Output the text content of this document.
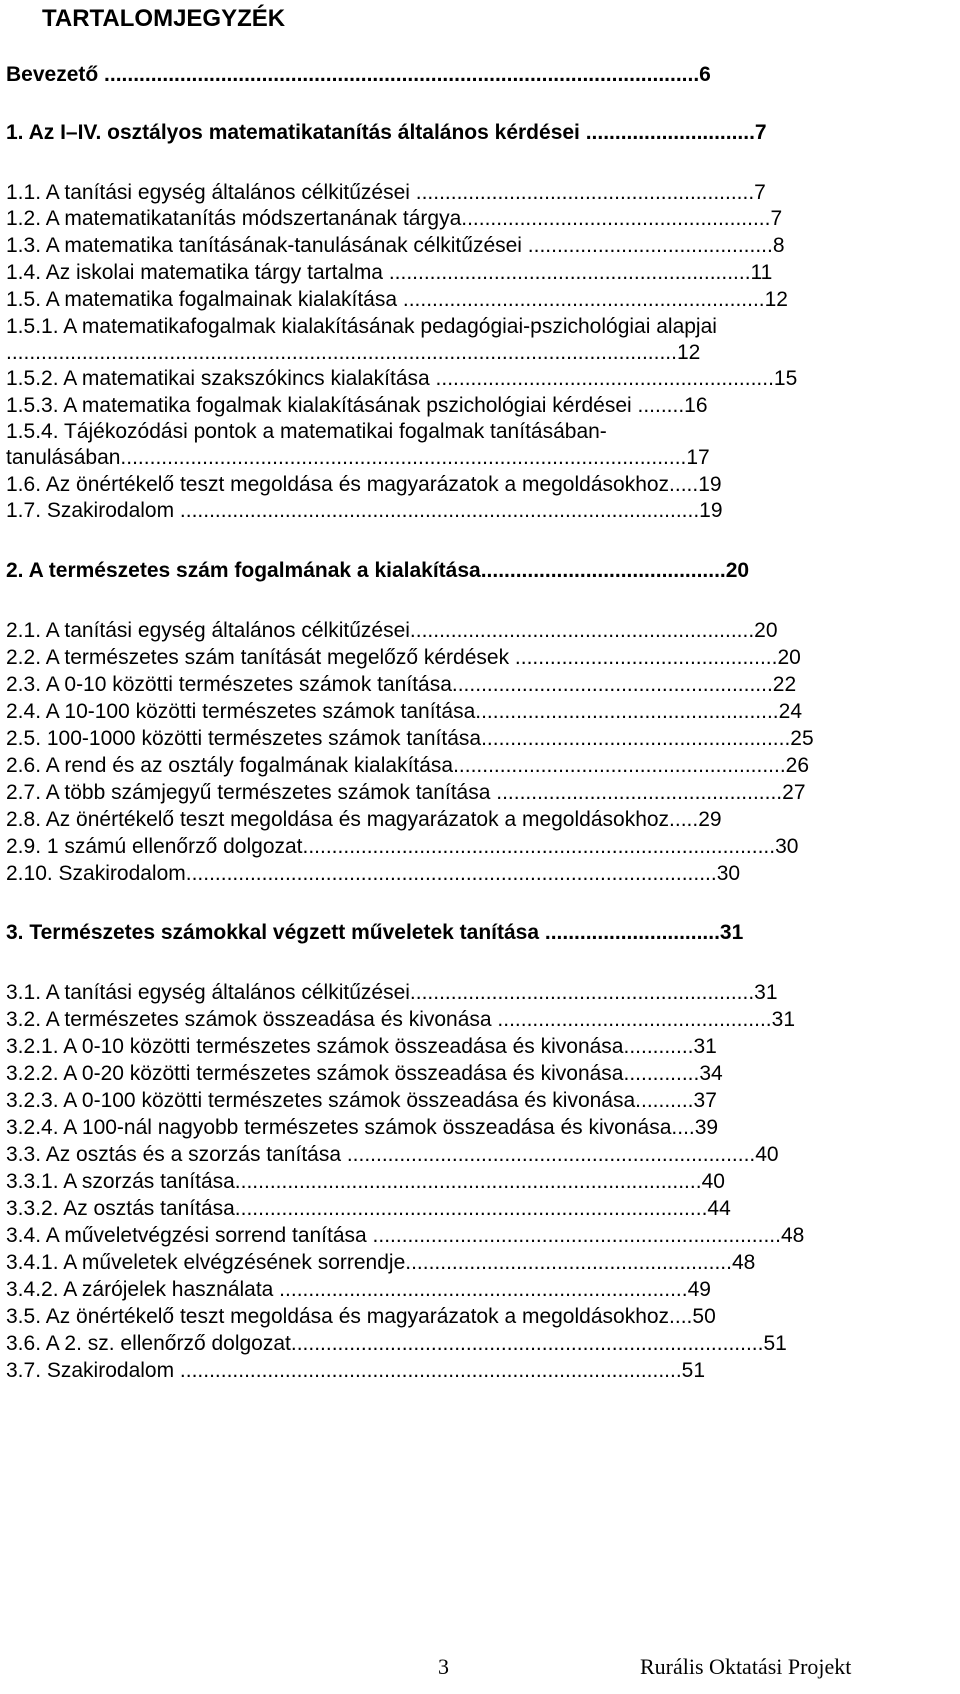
TARTALOMJEGYZÉK
Bevezető ......................................................................................................6
1. Az I–IV. osztályos matematikatanítás általános kérdései .............................7
1.1. A tanítási egység általános célkitűzései ..........................................................7
1.2. A matematikatanítás módszertanának tárgya.....................................................7
1.3. A matematika tanításának-tanulásának célkitűzései ..........................................8
1.4. Az iskolai matematika tárgy tartalma ..............................................................11
1.5. A matematika fogalmainak kialakítása ..............................................................12
1.5.1. A matematikafogalmak kialakításának pedagógiai-pszichológiai alapjai
...................................................................................................................12
1.5.2. A matematikai szakszókincs kialakítása ..........................................................15
1.5.3. A matematika fogalmak kialakításának pszichológiai kérdései ........16
1.5.4. Tájékozódási pontok a matematikai fogalmak tanításában-
tanulásában.................................................................................................17
1.6. Az önértékelő teszt megoldása és magyarázatok a megoldásokhoz.....19
1.7. Szakirodalom .........................................................................................19
2. A természetes szám fogalmának a kialakítása..........................................20
2.1. A tanítási egység általános célkitűzései...........................................................20
2.2. A természetes szám tanítását megelőző kérdések .............................................20
2.3. A 0-10 közötti természetes számok tanítása.......................................................22
2.4. A 10-100 közötti természetes számok tanítása....................................................24
2.5. 100-1000 közötti természetes számok tanítása.....................................................25
2.6. A rend és az osztály fogalmának kialakítása.........................................................26
2.7. A több számjegyű természetes számok tanítása .................................................27
2.8. Az önértékelő teszt megoldása és magyarázatok a megoldásokhoz.....29
2.9. 1 számú ellenőrző dolgozat.................................................................................30
2.10. Szakirodalom...........................................................................................30
3. Természetes számokkal végzett műveletek tanítása ..............................31
3.1. A tanítási egység általános célkitűzései...........................................................31
3.2. A természetes számok összeadása és kivonása ...............................................31
3.2.1. A 0-10 közötti természetes számok összeadása és kivonása............31
3.2.2. A 0-20 közötti természetes számok összeadása és kivonása.............34
3.2.3. A 0-100 közötti természetes számok összeadása és kivonása..........37
3.2.4. A 100-nál nagyobb természetes számok összeadása és kivonása....39
3.3. Az osztás és a szorzás tanítása ......................................................................40
3.3.1. A szorzás tanítása................................................................................40
3.3.2. Az osztás tanítása.................................................................................44
3.4. A műveletvégzési sorrend tanítása ......................................................................48
3.4.1. A műveletek elvégzésének sorrendje........................................................48
3.4.2. A zárójelek használata ......................................................................49
3.5. Az önértékelő teszt megoldása és magyarázatok a megoldásokhoz....50
3.6. A 2. sz. ellenőrző dolgozat.................................................................................51
3.7. Szakirodalom ......................................................................................51
3	Rurális Oktatási Projekt
